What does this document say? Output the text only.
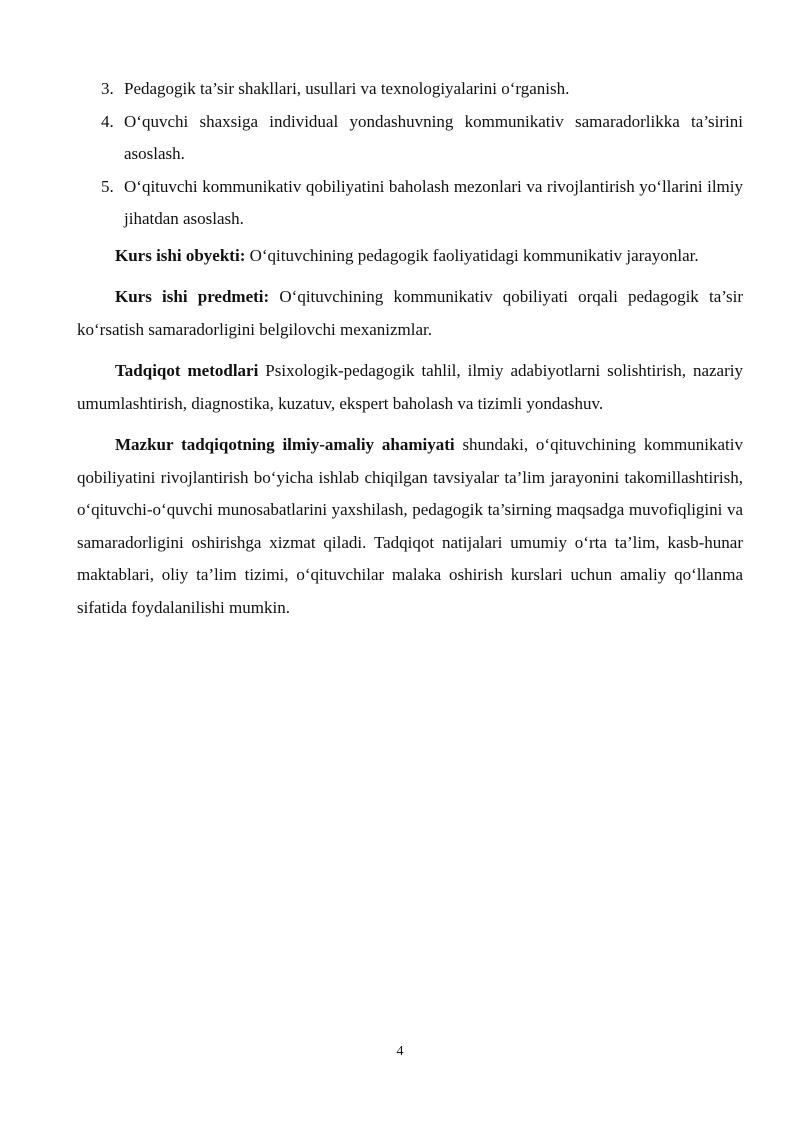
3. Pedagogik ta’sir shakllari, usullari va texnologiyalarini o‘rganish.
4. O‘quvchi shaxsiga individual yondashuvning kommunikativ samaradorlikka ta’sirini asoslash.
5. O‘qituvchi kommunikativ qobiliyatini baholash mezonlari va rivojlantirish yo‘llarini ilmiy jihatdan asoslash.

Kurs ishi obyekti: O‘qituvchining pedagogik faoliyatidagi kommunikativ jarayonlar.

Kurs ishi predmeti: O‘qituvchining kommunikativ qobiliyati orqali pedagogik ta’sir ko‘rsatish samaradorligini belgilovchi mexanizmlar.

Tadqiqot metodlari Psixologik-pedagogik tahlil, ilmiy adabiyotlarni solishtirish, nazariy umumlashtirish, diagnostika, kuzatuv, ekspert baholash va tizimli yondashuv.

Mazkur tadqiqotning ilmiy-amaliy ahamiyati shundaki, o‘qituvchining kommunikativ qobiliyatini rivojlantirish bo‘yicha ishlab chiqilgan tavsiyalar ta’lim jarayonini takomillashtirish, o‘qituvchi-o‘quvchi munosabatlarini yaxshilash, pedagogik ta’sirning maqsadga muvofiqligini va samaradorligini oshirishga xizmat qiladi. Tadqiqot natijalari umumiy o‘rta ta’lim, kasb-hunar maktablari, oliy ta’lim tizimi, o‘qituvchilar malaka oshirish kurslari uchun amaliy qo‘llanma sifatida foydalanilishi mumkin.

4
